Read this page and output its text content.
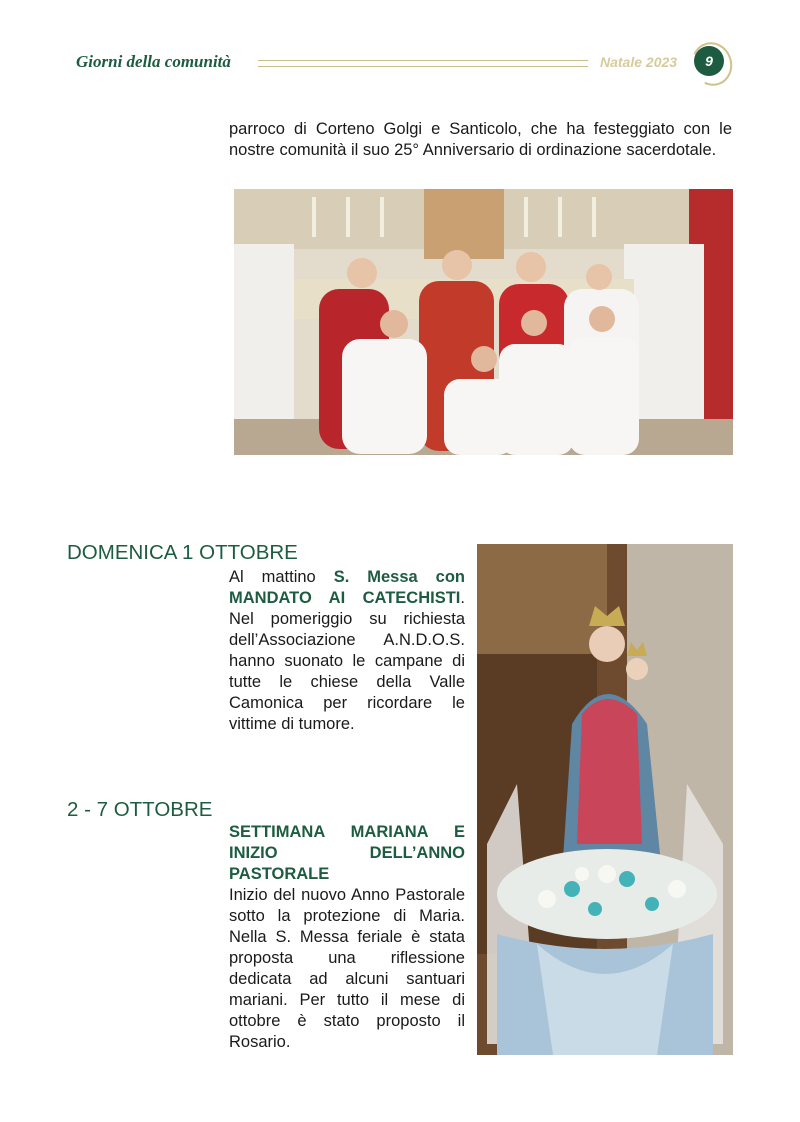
Giorni della comunità	Natale 2023	9
parroco di Corteno Golgi e Santicolo, che ha festeggiato con le nostre comunità il suo 25° Anniversario di ordinazione sacerdotale.
DOMENICA 1 OTTOBRE
Al mattino S. Messa con MANDATO AI CATECHISTI. Nel pomeriggio su richiesta dell’Associazione A.N.D.O.S. hanno suonato le campane di tutte le chiese della Valle Camonica per ricordare le vittime di tumore.
2 - 7 OTTOBRE
SETTIMANA MARIANA E INIZIO DELL’ANNO PASTORALE
Inizio del nuovo Anno Pastorale sotto la protezione di Maria. Nella S. Messa feriale è stata proposta una riflessione dedicata ad alcuni santuari mariani. Per tutto il mese di ottobre è stato proposto il Rosario.
